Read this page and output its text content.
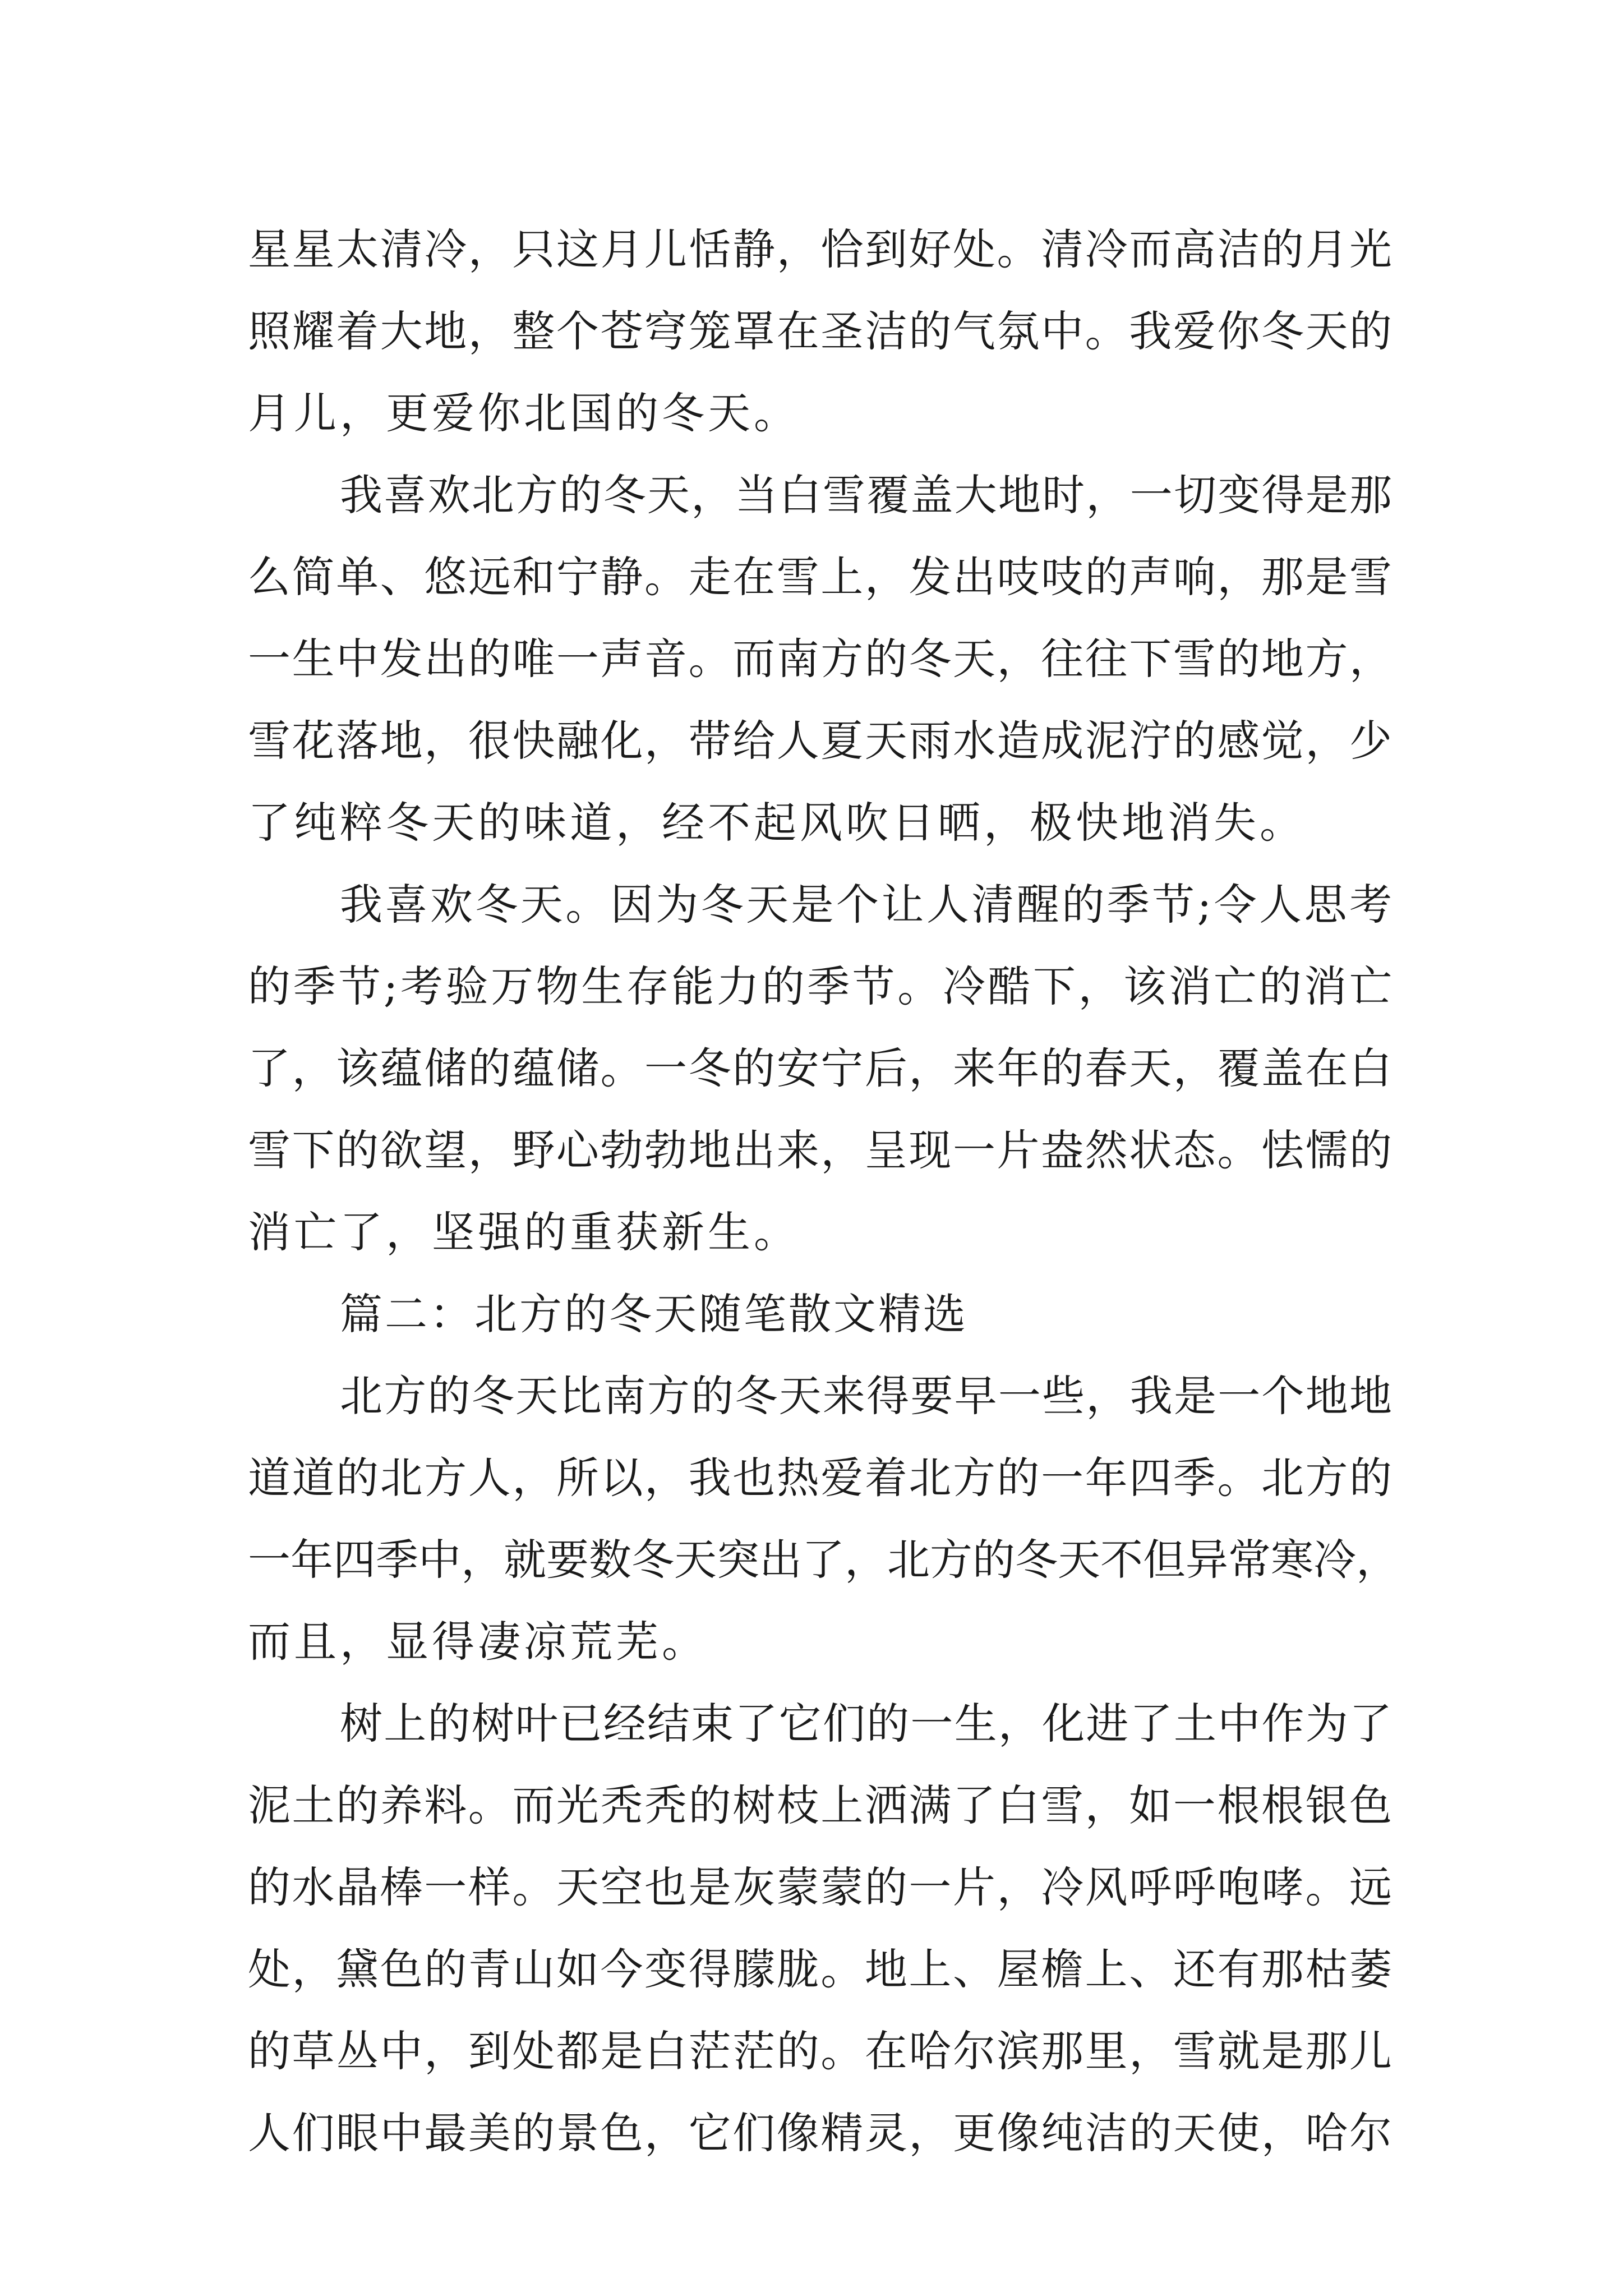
星星太清冷，只这月儿恬静，恰到好处。清冷而高洁的月光
照耀着大地，整个苍穹笼罩在圣洁的气氛中。我爱你冬天的
月儿，更爱你北国的冬天。
我喜欢北方的冬天，当白雪覆盖大地时，一切变得是那
么简单、悠远和宁静。走在雪上，发出吱吱的声响，那是雪
一生中发出的唯一声音。而南方的冬天，往往下雪的地方，
雪花落地，很快融化，带给人夏天雨水造成泥泞的感觉，少
了纯粹冬天的味道，经不起风吹日晒，极快地消失。
我喜欢冬天。因为冬天是个让人清醒的季节;令人思考
的季节;考验万物生存能力的季节。冷酷下，该消亡的消亡
了，该蕴储的蕴储。一冬的安宁后，来年的春天，覆盖在白
雪下的欲望，野心勃勃地出来，呈现一片盎然状态。怯懦的
消亡了，坚强的重获新生。
篇二：北方的冬天随笔散文精选
北方的冬天比南方的冬天来得要早一些，我是一个地地
道道的北方人，所以，我也热爱着北方的一年四季。北方的
一年四季中，就要数冬天突出了，北方的冬天不但异常寒冷，
而且，显得凄凉荒芜。
树上的树叶已经结束了它们的一生，化进了土中作为了
泥土的养料。而光秃秃的树枝上洒满了白雪，如一根根银色
的水晶棒一样。天空也是灰蒙蒙的一片，冷风呼呼咆哮。远
处，黛色的青山如今变得朦胧。地上、屋檐上、还有那枯萎
的草丛中，到处都是白茫茫的。在哈尔滨那里，雪就是那儿
人们眼中最美的景色，它们像精灵，更像纯洁的天使，哈尔
